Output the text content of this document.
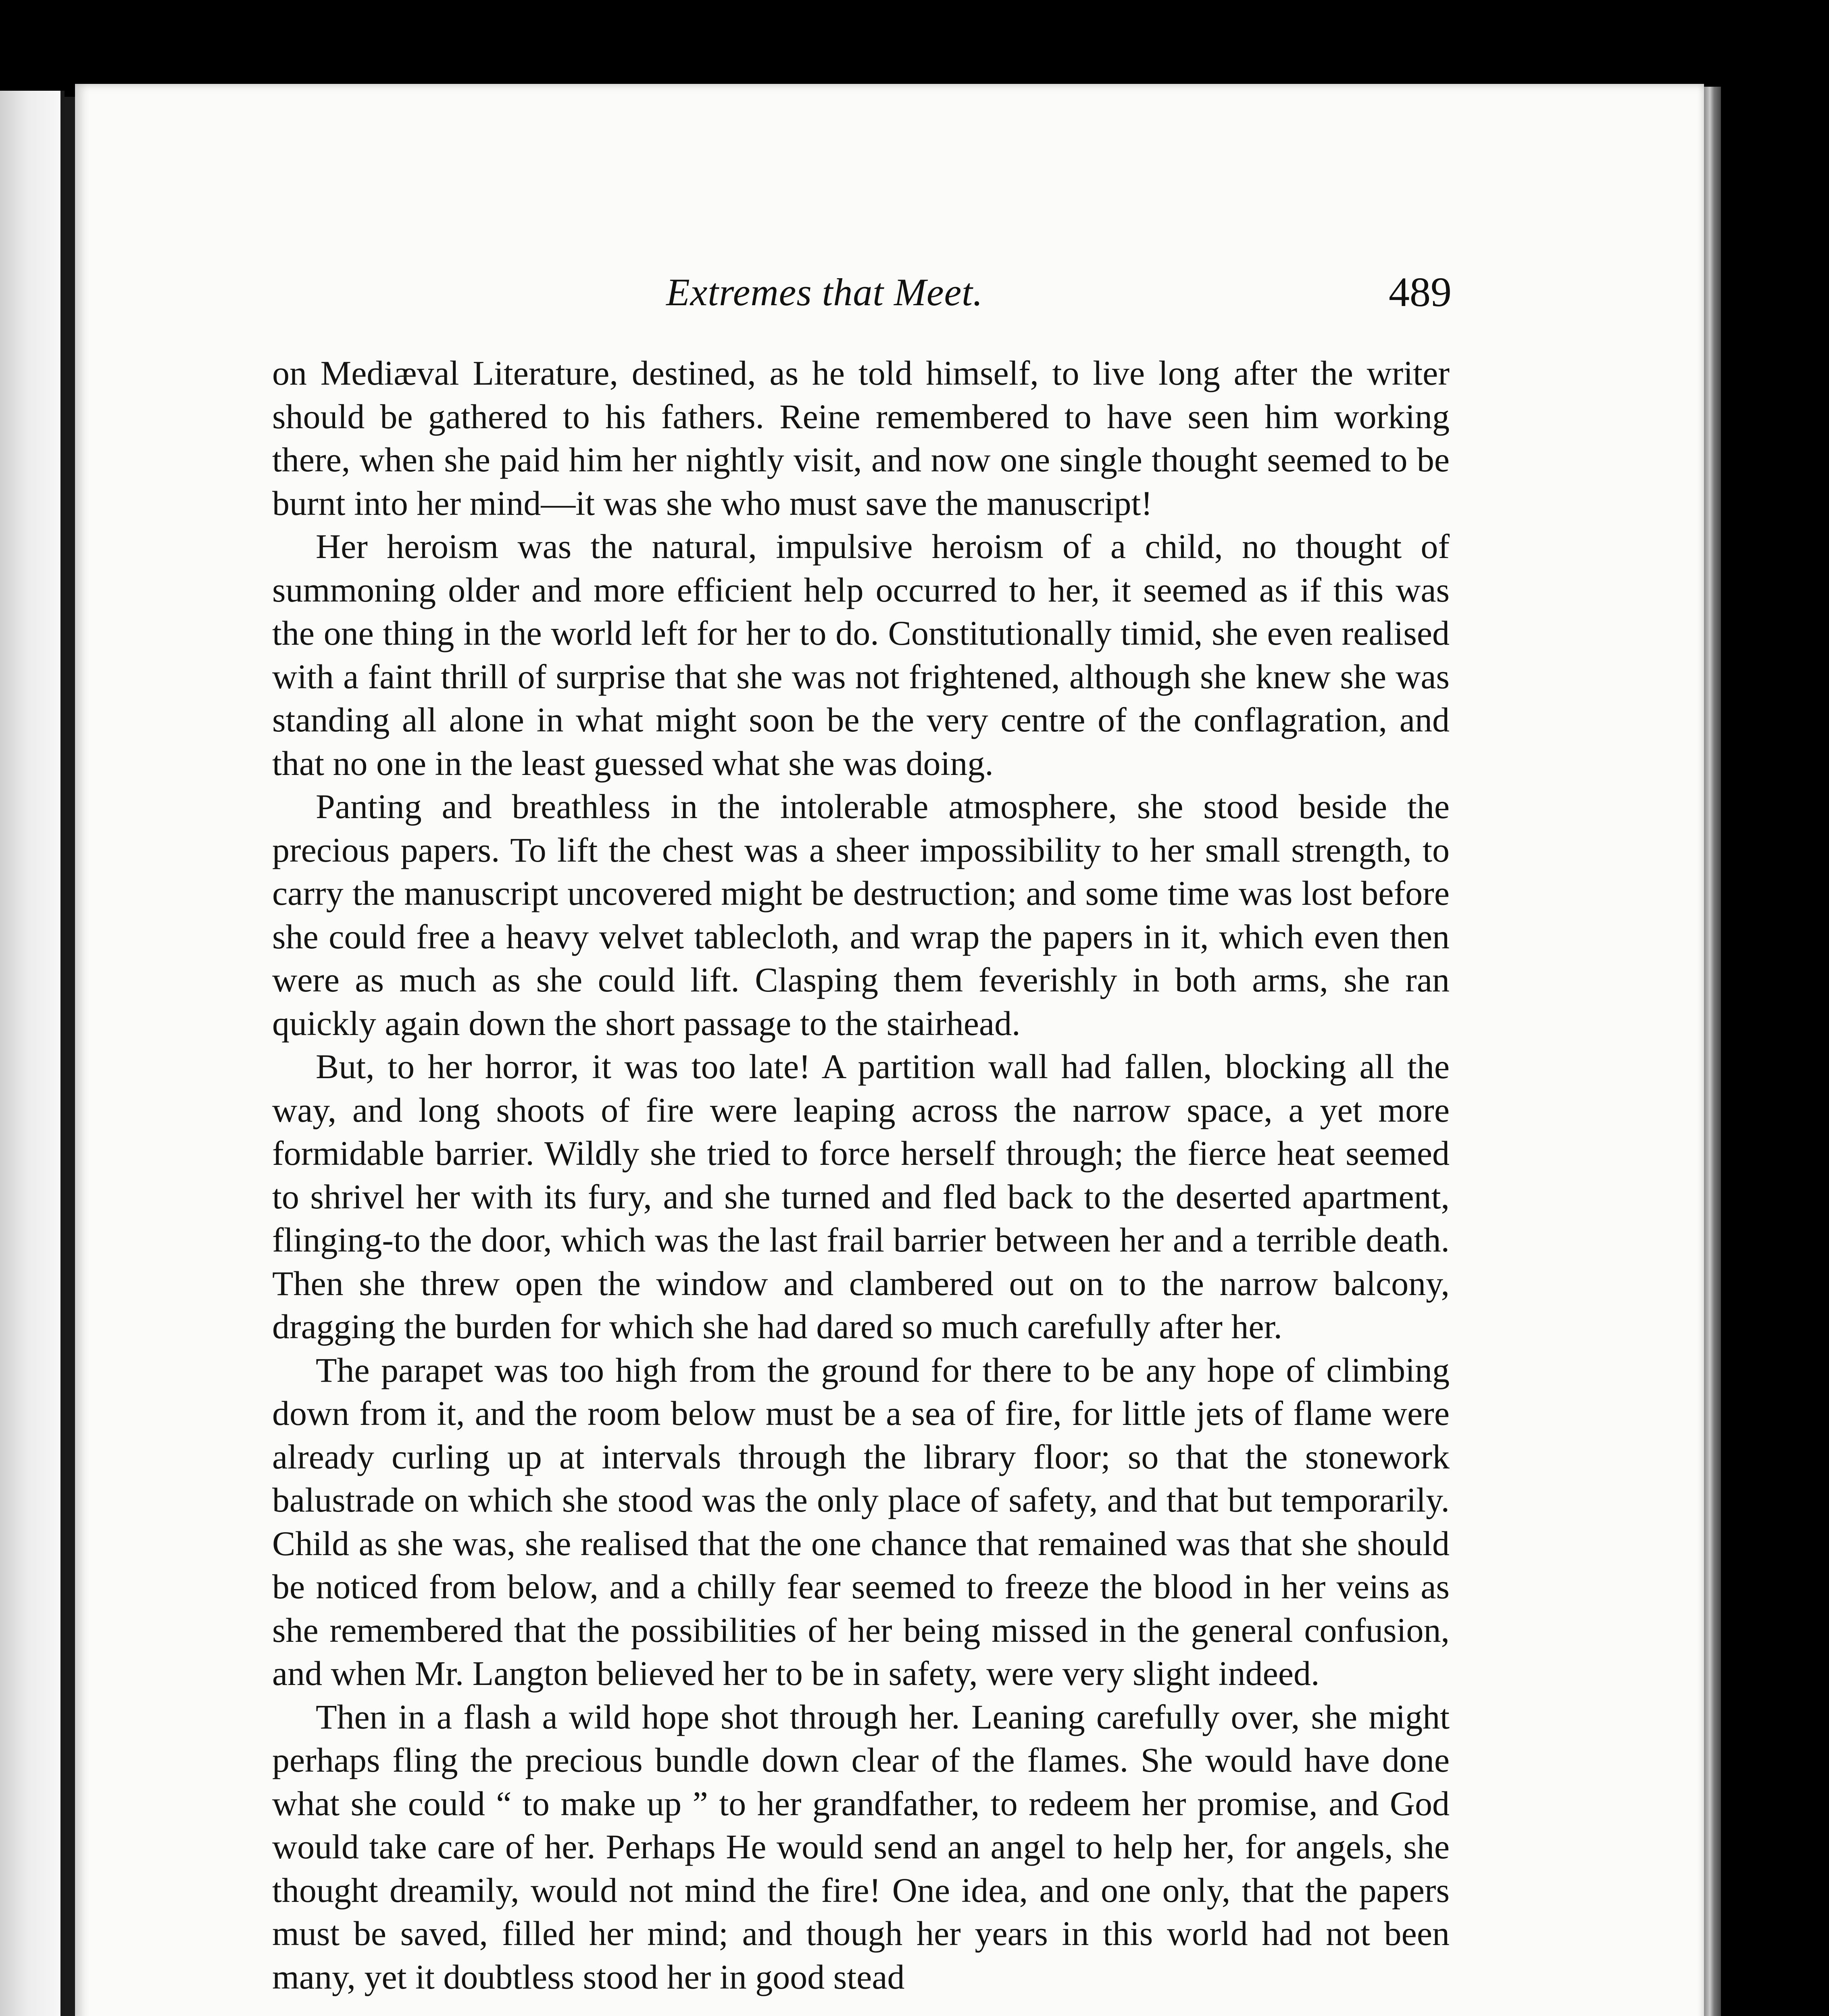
Extremes that Meet.	489

on Mediæval Literature, destined, as he told himself, to live long after the writer should be gathered to his fathers. Reine remembered to have seen him working there, when she paid him her nightly visit, and now one single thought seemed to be burnt into her mind—it was she who must save the manuscript!

Her heroism was the natural, impulsive heroism of a child, no thought of summoning older and more efficient help occurred to her, it seemed as if this was the one thing in the world left for her to do. Constitutionally timid, she even realised with a faint thrill of surprise that she was not frightened, although she knew she was standing all alone in what might soon be the very centre of the conflagration, and that no one in the least guessed what she was doing.

Panting and breathless in the intolerable atmosphere, she stood beside the precious papers. To lift the chest was a sheer impossibility to her small strength, to carry the manuscript uncovered might be destruction; and some time was lost before she could free a heavy velvet tablecloth, and wrap the papers in it, which even then were as much as she could lift. Clasping them feverishly in both arms, she ran quickly again down the short passage to the stairhead.

But, to her horror, it was too late! A partition wall had fallen, blocking all the way, and long shoots of fire were leaping across the narrow space, a yet more formidable barrier. Wildly she tried to force herself through; the fierce heat seemed to shrivel her with its fury, and she turned and fled back to the deserted apartment, flinging-to the door, which was the last frail barrier between her and a terrible death. Then she threw open the window and clambered out on to the narrow balcony, dragging the burden for which she had dared so much carefully after her.

The parapet was too high from the ground for there to be any hope of climbing down from it, and the room below must be a sea of fire, for little jets of flame were already curling up at intervals through the library floor; so that the stonework balustrade on which she stood was the only place of safety, and that but temporarily. Child as she was, she realised that the one chance that remained was that she should be noticed from below, and a chilly fear seemed to freeze the blood in her veins as she remembered that the possibilities of her being missed in the general confusion, and when Mr. Langton believed her to be in safety, were very slight indeed.

Then in a flash a wild hope shot through her. Leaning carefully over, she might perhaps fling the precious bundle down clear of the flames. She would have done what she could “ to make up ” to her grandfather, to redeem her promise, and God would take care of her. Perhaps He would send an angel to help her, for angels, she thought dreamily, would not mind the fire! One idea, and one only, that the papers must be saved, filled her mind; and though her years in this world had not been many, yet it doubtless stood her in good stead
